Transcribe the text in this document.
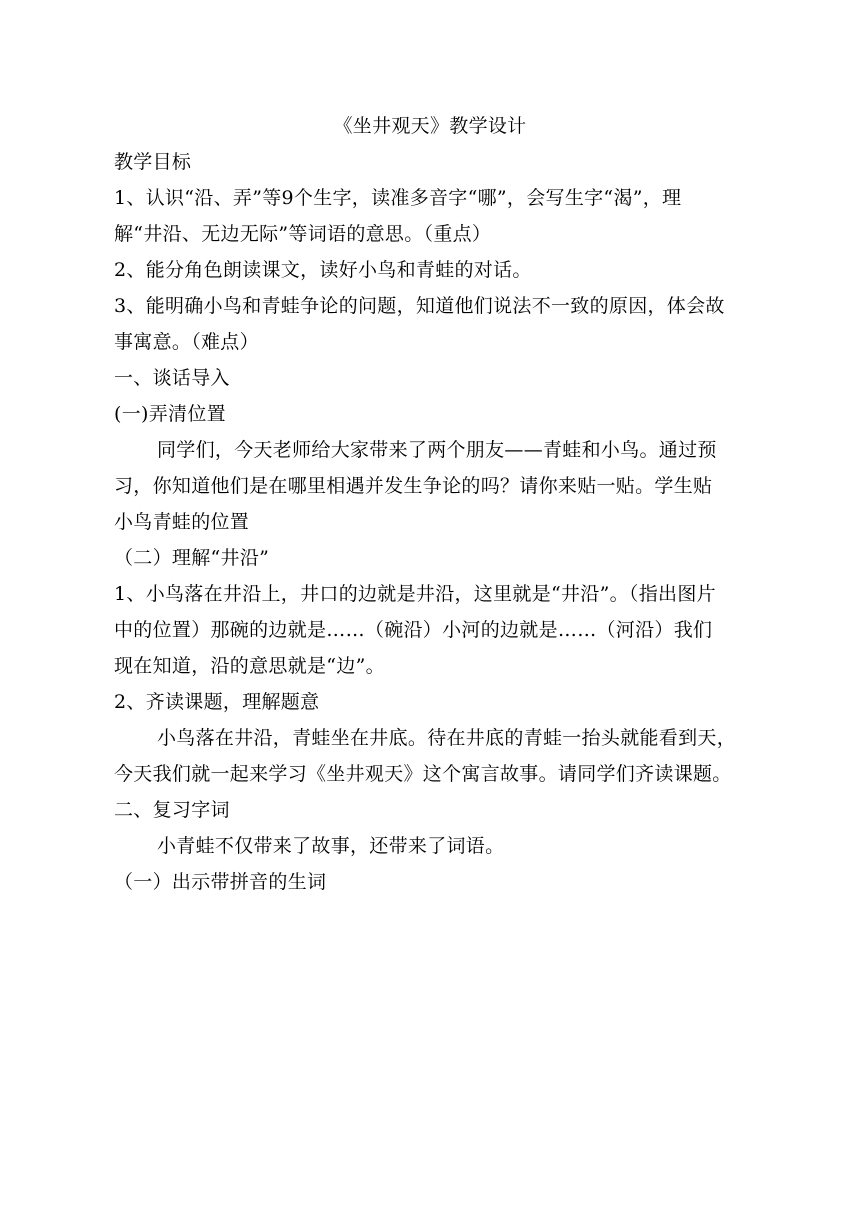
《坐井观天》教学设计
教学目标
1、认识“沿、弄”等9个生字，读准多音字“哪”，会写生字“渴”，理
解“井沿、无边无际”等词语的意思。（重点）
2、能分角色朗读课文，读好小鸟和青蛙的对话。
3、能明确小鸟和青蛙争论的问题，知道他们说法不一致的原因，体会故
事寓意。（难点）
一、谈话导入
(一)弄清位置
同学们，今天老师给大家带来了两个朋友——青蛙和小鸟。通过预
习，你知道他们是在哪里相遇并发生争论的吗？请你来贴一贴。学生贴
小鸟青蛙的位置
（二）理解“井沿”
1、小鸟落在井沿上，井口的边就是井沿，这里就是“井沿”。（指出图片
中的位置）那碗的边就是……（碗沿）小河的边就是……（河沿）我们
现在知道，沿的意思就是“边”。
2、齐读课题，理解题意
小鸟落在井沿，青蛙坐在井底。待在井底的青蛙一抬头就能看到天，
今天我们就一起来学习《坐井观天》这个寓言故事。请同学们齐读课题。
二、复习字词
小青蛙不仅带来了故事，还带来了词语。
（一）出示带拼音的生词
